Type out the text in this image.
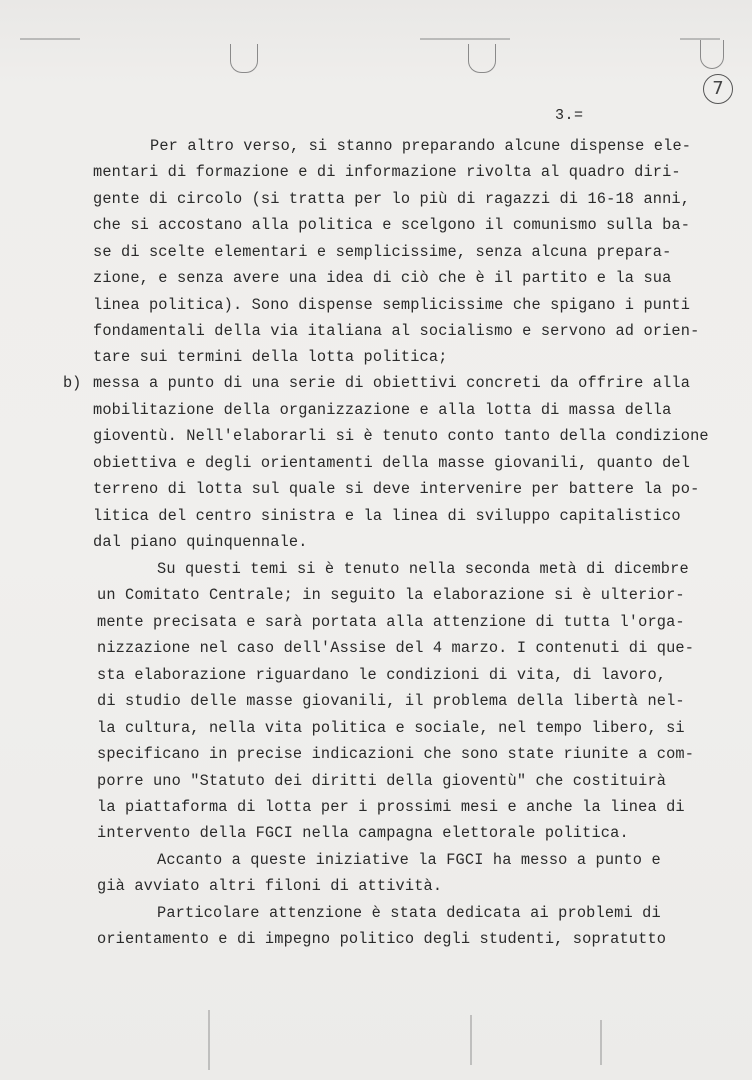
7
3.=
Per altro verso, si stanno preparando alcune dispense ele-
mentari di formazione e di informazione rivolta al quadro diri-
gente di circolo (si tratta per lo più di ragazzi di 16-18 anni,
che si accostano alla politica e scelgono il comunismo sulla ba-
se di scelte elementari e semplicissime, senza alcuna prepara-
zione, e senza avere una idea di ciò che è il partito e la sua
linea politica). Sono dispense semplicissime che spigano i punti
fondamentali della via italiana al socialismo e servono ad orien-
tare sui termini della lotta politica;
b) messa a punto di una serie di obiettivi concreti da offrire alla
mobilitazione della organizzazione e alla lotta di massa della
gioventù. Nell'elaborarli si è tenuto conto tanto della condizione
obiettiva e degli orientamenti della masse giovanili, quanto del
terreno di lotta sul quale si deve intervenire per battere la po-
litica del centro sinistra e la linea di sviluppo capitalistico
dal piano quinquennale.
Su questi temi si è tenuto nella seconda metà di dicembre
un Comitato Centrale; in seguito la elaborazione si è ulterior-
mente precisata e sarà portata alla attenzione di tutta l'orga-
nizzazione nel caso dell'Assise del 4 marzo. I contenuti di que-
sta elaborazione riguardano le condizioni di vita, di lavoro,
di studio delle masse giovanili, il problema della libertà nel-
la cultura, nella vita politica e sociale, nel tempo libero, si
specificano in precise indicazioni che sono state riunite a com-
porre uno "Statuto dei diritti della gioventù" che costituirà
la piattaforma di lotta per i prossimi mesi e anche la linea di
intervento della FGCI nella campagna elettorale politica.
Accanto a queste iniziative la FGCI ha messo a punto e
già avviato altri filoni di attività.
Particolare attenzione è stata dedicata ai problemi di
orientamento e di impegno politico degli studenti, sopratutto
